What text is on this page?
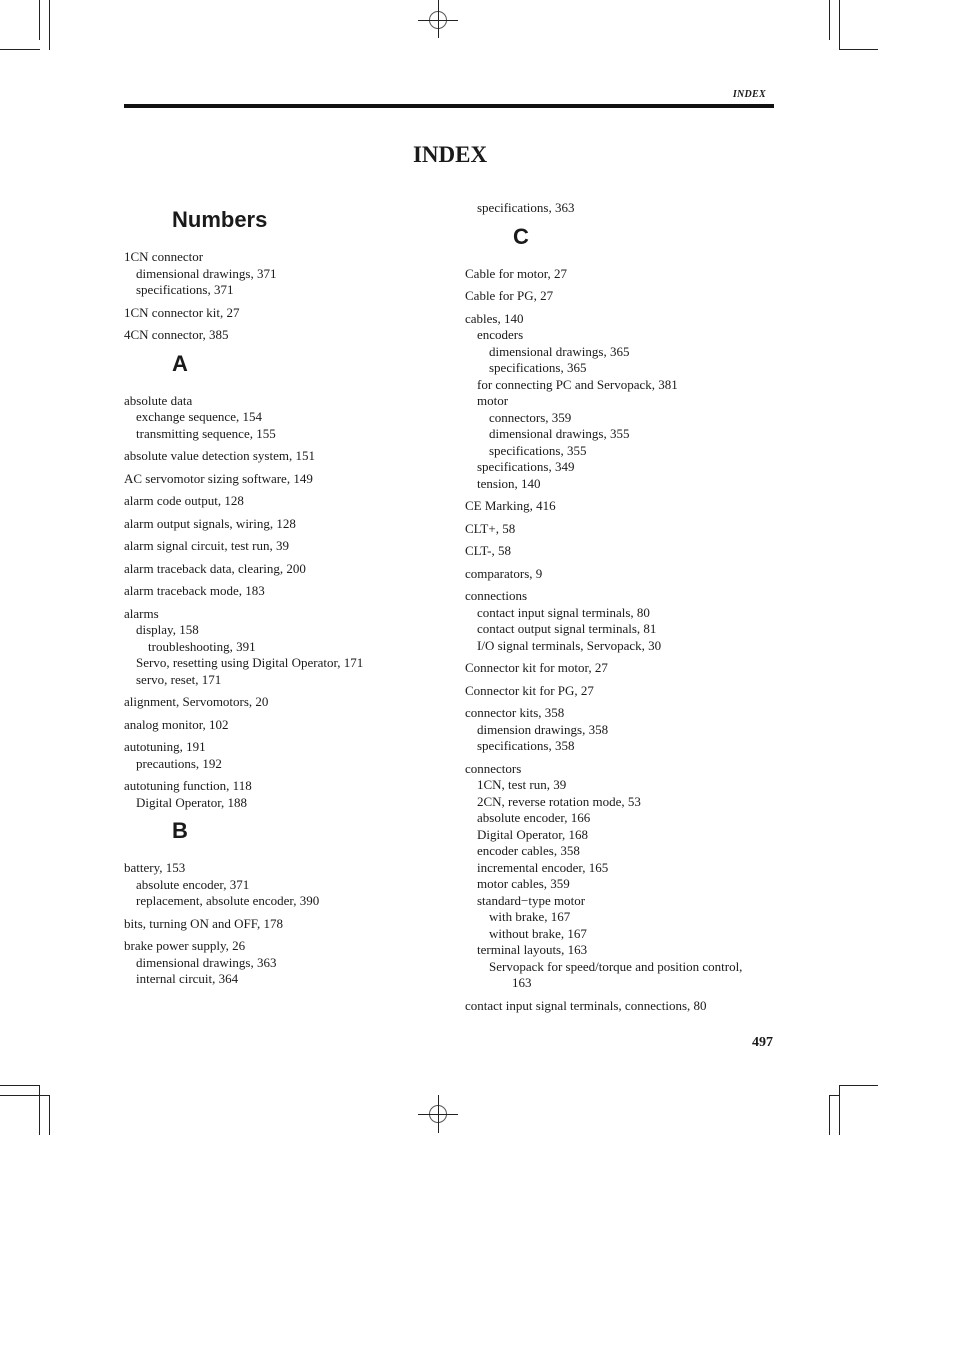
INDEX
INDEX
Numbers
1CN connector
dimensional drawings, 371
specifications, 371
1CN connector kit, 27
4CN connector, 385
A
absolute data
exchange sequence, 154
transmitting sequence, 155
absolute value detection system, 151
AC servomotor sizing software, 149
alarm code output, 128
alarm output signals, wiring, 128
alarm signal circuit, test run, 39
alarm traceback data, clearing, 200
alarm traceback mode, 183
alarms
display, 158
troubleshooting, 391
Servo, resetting using Digital Operator, 171
servo, reset, 171
alignment, Servomotors, 20
analog monitor, 102
autotuning, 191
precautions, 192
autotuning function, 118
Digital Operator, 188
B
battery, 153
absolute encoder, 371
replacement, absolute encoder, 390
bits, turning ON and OFF, 178
brake power supply, 26
dimensional drawings, 363
internal circuit, 364
specifications, 363
C
Cable for motor, 27
Cable for PG, 27
cables, 140
encoders
dimensional drawings, 365
specifications, 365
for connecting PC and Servopack, 381
motor
connectors, 359
dimensional drawings, 355
specifications, 355
specifications, 349
tension, 140
CE Marking, 416
CLT+, 58
CLT-, 58
comparators, 9
connections
contact input signal terminals, 80
contact output signal terminals, 81
I/O signal terminals, Servopack, 30
Connector kit for motor, 27
Connector kit for PG, 27
connector kits, 358
dimension drawings, 358
specifications, 358
connectors
1CN, test run, 39
2CN, reverse rotation mode, 53
absolute encoder, 166
Digital Operator, 168
encoder cables, 358
incremental encoder, 165
motor cables, 359
standard−type motor
with brake, 167
without brake, 167
terminal layouts, 163
Servopack for speed/torque and position control,
163
contact input signal terminals, connections, 80
497
